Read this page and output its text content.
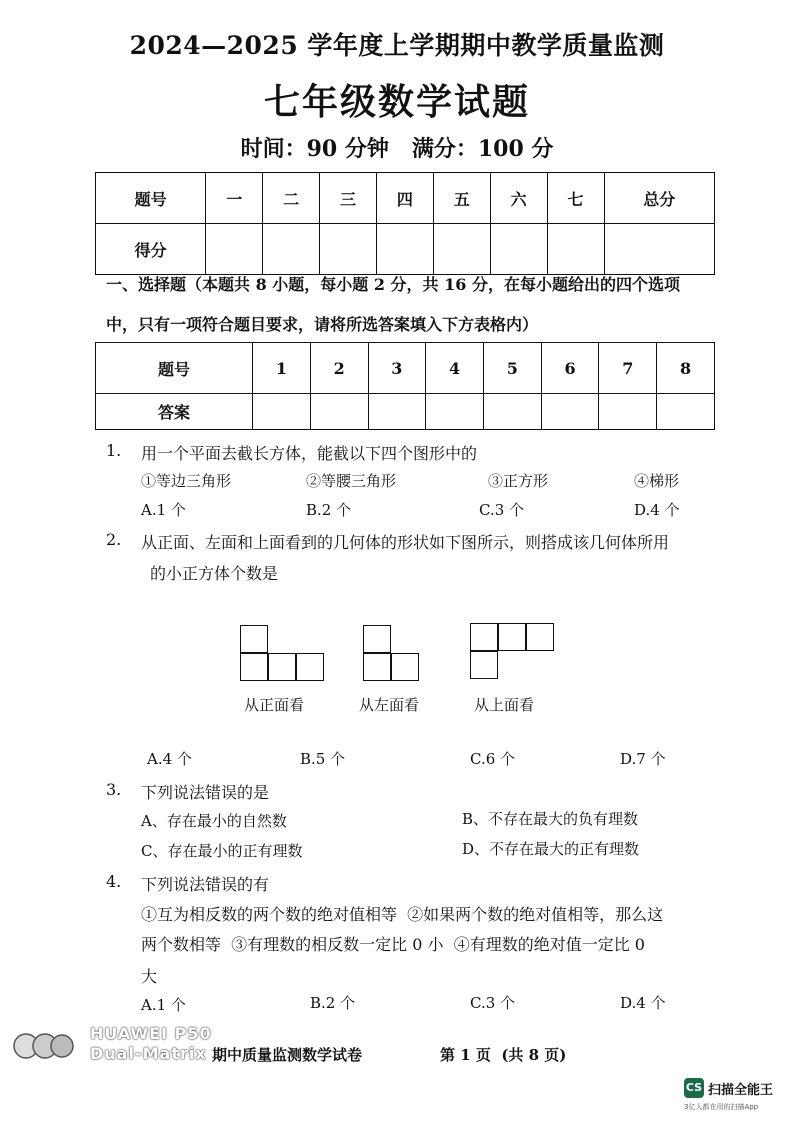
2024—2025 学年度上学期期中教学质量监测
七年级数学试题
时间：90 分钟   满分：100 分
题号	一	二	三	四	五	六	七	总分
得分								
一、选择题（本题共 8 小题，每小题 2 分，共 16 分，在每小题给出的四个选项
中，只有一项符合题目要求，请将所选答案填入下方表格内）
题号	1	2	3	4	5	6	7	8
答案								
1. 用一个平面去截长方体，能截以下四个图形中的
①等边三角形	②等腰三角形	③正方形	④梯形
A.1 个	B.2 个	C.3 个	D.4 个
2. 从正面、左面和上面看到的几何体的形状如下图所示，则搭成该几何体所用
的小正方体个数是
从正面看	从左面看	从上面看
A.4 个	B.5 个	C.6 个	D.7 个
3. 下列说法错误的是
A、存在最小的自然数	B、不存在最大的负有理数
C、存在最小的正有理数	D、不存在最大的正有理数
4. 下列说法错误的有
①互为相反数的两个数的绝对值相等  ②如果两个数的绝对值相等，那么这
两个数相等  ③有理数的相反数一定比 0 小  ④有理数的绝对值一定比 0
大
A.1 个	B.2 个	C.3 个	D.4 个
HUAWEI P50
Dual-Matrix 期中质量监测数学试卷	第 1 页  (共 8 页)
CS 扫描全能王
3亿人都在用的扫描App
